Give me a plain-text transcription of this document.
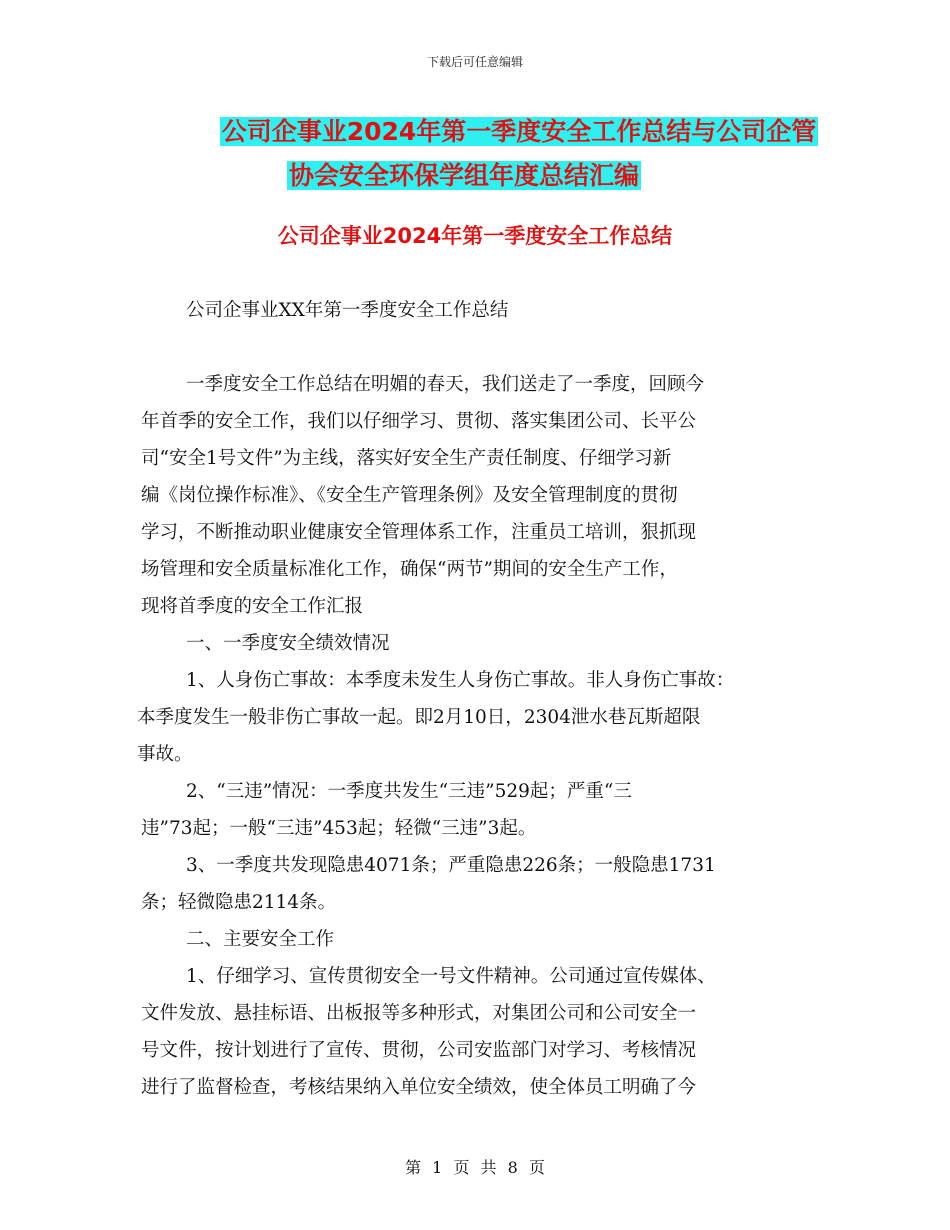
下载后可任意编辑
公司企事业2024年第一季度安全工作总结与公司企管
协会安全环保学组年度总结汇编
公司企事业2024年第一季度安全工作总结
公司企事业XX年第一季度安全工作总结
一季度安全工作总结在明媚的春天，我们送走了一季度，回顾今
年首季的安全工作，我们以仔细学习、贯彻、落实集团公司、长平公
司“安全1号文件”为主线，落实好安全生产责任制度、仔细学习新
编《岗位操作标准》、《安全生产管理条例》及安全管理制度的贯彻
学习，不断推动职业健康安全管理体系工作，注重员工培训，狠抓现
场管理和安全质量标准化工作，确保“两节”期间的安全生产工作，
现将首季度的安全工作汇报
一、一季度安全绩效情况
1、人身伤亡事故：本季度未发生人身伤亡事故。非人身伤亡事故：
本季度发生一般非伤亡事故一起。即2月10日，2304泄水巷瓦斯超限
事故。
2、“三违”情况：一季度共发生“三违”529起；严重“三
违”73起；一般“三违”453起；轻微“三违”3起。
3、一季度共发现隐患4071条；严重隐患226条；一般隐患1731
条；轻微隐患2114条。
二、主要安全工作
1、仔细学习、宣传贯彻安全一号文件精神。公司通过宣传媒体、
文件发放、悬挂标语、出板报等多种形式，对集团公司和公司安全一
号文件，按计划进行了宣传、贯彻，公司安监部门对学习、考核情况
进行了监督检查，考核结果纳入单位安全绩效，使全体员工明确了今
第 1 页 共 8 页
